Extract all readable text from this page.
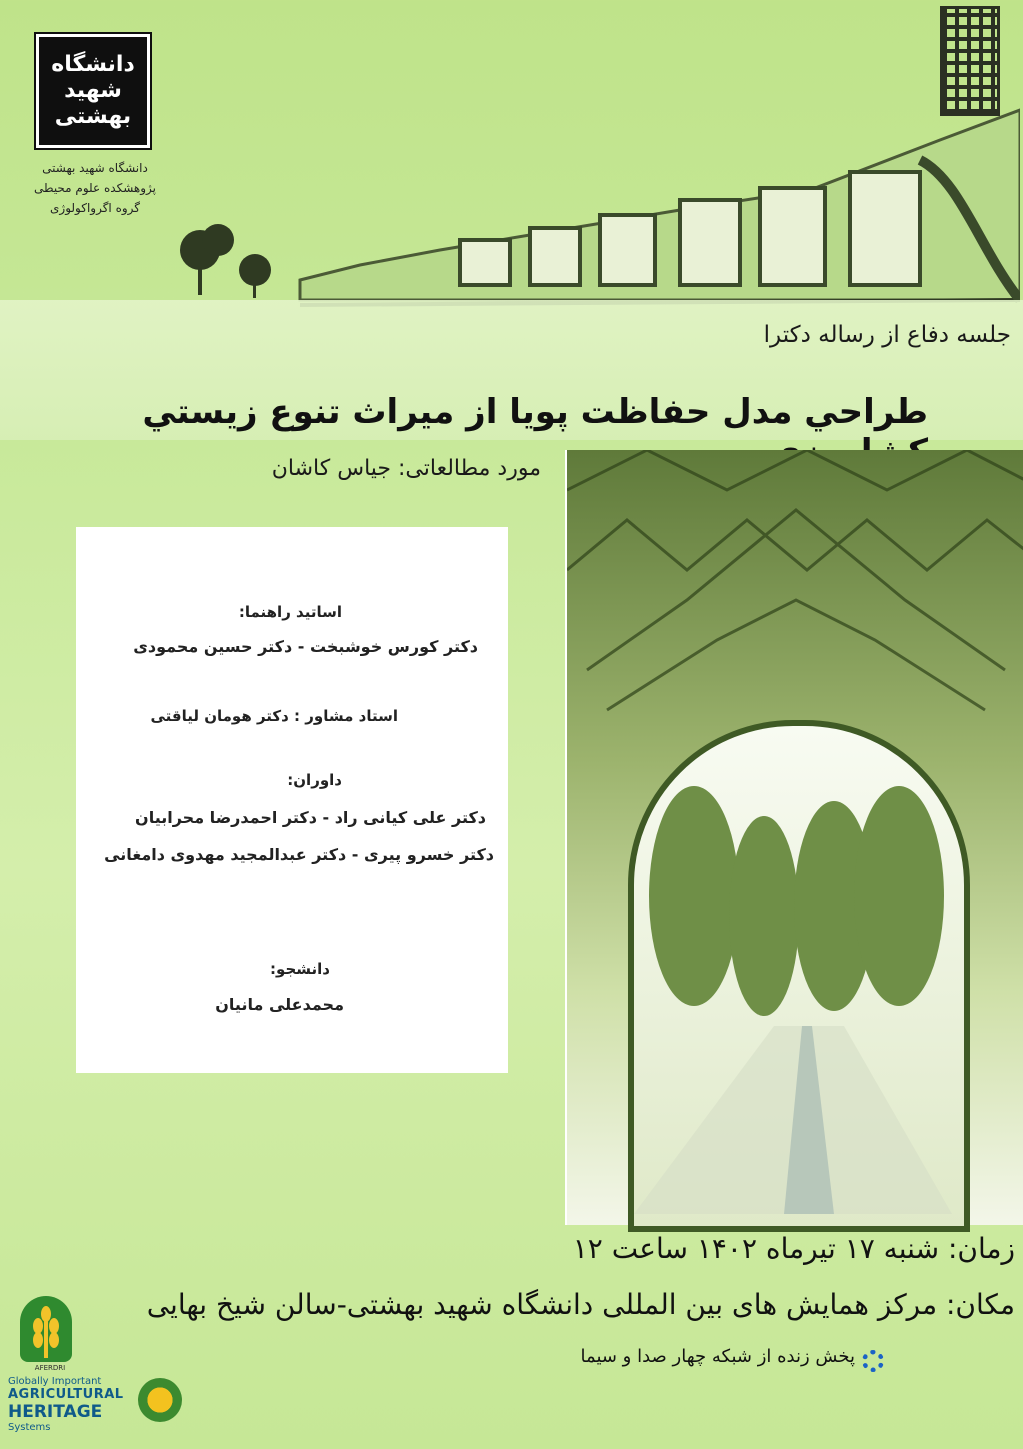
دانشگاه شهید بهشتی
دانشگاه شهید بهشتی
پژوهشکده علوم محیطی
گروه اگرواکولوژی
جلسه دفاع از رساله دکترا
طراحي مدل حفاظت پويا از ميراث تنوع زيستي
مورد مطالعاتی: جیاس کاشان
اساتید راهنما:
دکتر کورس خوشبخت - دکتر حسین محمودی
استاد مشاور : دکتر هومان لیاقتی
داوران:
دکتر علی کیانی راد - دکتر احمدرضا محرابیان
دکتر خسرو پیری - دکتر عبدالمجید مهدوی دامغانی
دانشجو:
محمدعلی مانیان
زمان: شنبه ۱۷ تیرماه ۱۴۰۲ ساعت ۱۲
مکان: مرکز همایش های بین المللی دانشگاه شهید بهشتی-سالن شیخ بهایی
پخش زنده از شبکه چهار صدا و سیما
AFERDRI
Globally Important
AGRICULTURAL
HERITAGE
Systems
